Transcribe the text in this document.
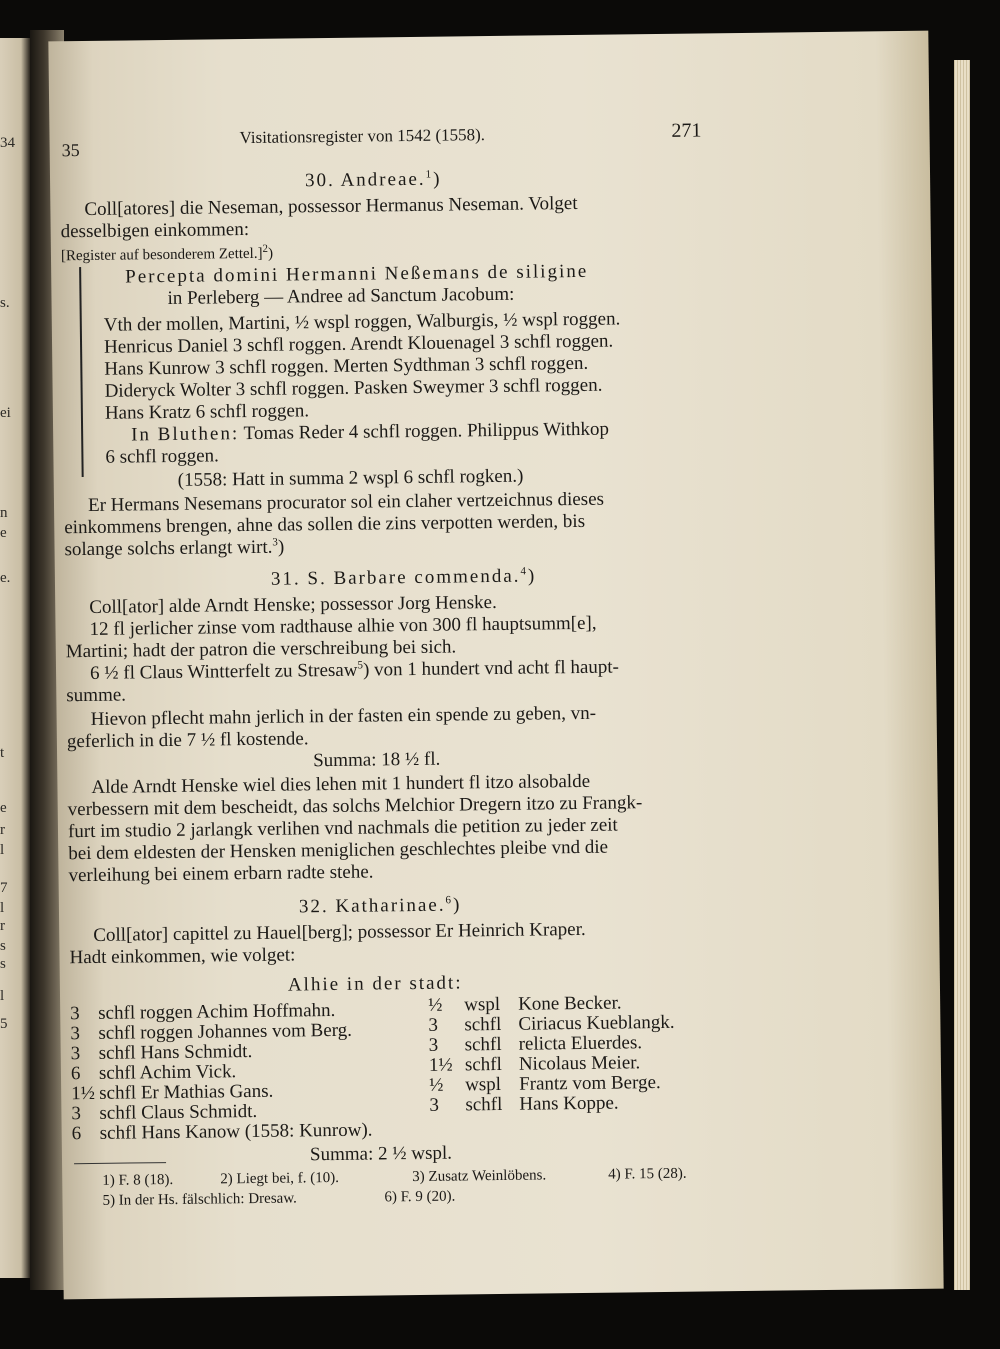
34
s.
ei
n
e
e.
t
e
r
l
7
l
r
s
s
l
5
35
Visitationsregister von 1542 (1558).	271
30. Andreae.$^1$)
Coll[atores] die Neseman, possessor Hermanus Neseman. Volget
desselbigen einkommen:
[Register auf besonderem Zettel.]$^2$)
Percepta domini Hermanni Neßemans de siligine
in Perleberg — Andree ad Sanctum Jacobum:
Vth der mollen, Martini, ½ wspl roggen, Walburgis, ½ wspl roggen.
Henricus Daniel 3 schfl roggen. Arendt Klouenagel 3 schfl roggen.
Hans Kunrow 3 schfl roggen. Merten Sydthman 3 schfl roggen.
Dideryck Wolter 3 schfl roggen. Pasken Sweymer 3 schfl roggen.
Hans Kratz 6 schfl roggen.
In Bluthen: Tomas Reder 4 schfl roggen. Philippus Withkop
6 schfl roggen.
(1558: Hatt in summa 2 wspl 6 schfl rogken.)
Er Hermans Nesemans procurator sol ein claher vertzeichnus dieses
einkommens brengen, ahne das sollen die zins verpotten werden, bis
solange solchs erlangt wirt.$^3$)
31. S. Barbare commenda.$^4$)
Coll[ator] alde Arndt Henske; possessor Jorg Henske.
12 fl jerlicher zinse vom radthause alhie von 300 fl hauptsumm[e],
Martini; hadt der patron die verschreibung bei sich.
6 ½ fl Claus Wintterfelt zu Stresaw$^5$) von 1 hundert vnd acht fl haupt-
summe.
Hievon pflecht mahn jerlich in der fasten ein spende zu geben, vn-
geferlich in die 7 ½ fl kostende.
Summa: 18 ½ fl.
Alde Arndt Henske wiel dies lehen mit 1 hundert fl itzo alsobalde
verbessern mit dem bescheidt, das solchs Melchior Dregern itzo zu Frangk-
furt im studio 2 jarlangk verlihen vnd nachmals die petition zu jeder zeit
bei dem eldesten der Hensken meniglichen geschlechtes pleibe vnd die
verleihung bei einem erbarn radte stehe.
32. Katharinae.$^6$)
Coll[ator] capittel zu Hauel[berg]; possessor Er Heinrich Kraper.
Hadt einkommen, wie volget:
Alhie in der stadt:
Summa: 2 ½ wspl.
1) F. 8 (18).	2) Liegt bei, f. (10).	3) Zusatz Weinlöbens.	4) F. 15 (28).
5) In der Hs. fälschlich: Dresaw.	6) F. 9 (20).
3 schfl roggen Achim Hoffmahn.
3 schfl roggen Johannes vom Berg.
3 schfl Hans Schmidt.
6 schfl Achim Vick.
1½ schfl Er Mathias Gans.
3 schfl Claus Schmidt.
6 schfl Hans Kanow (1558: Kunrow).
½ wspl Kone Becker.
3 schfl Ciriacus Kueblangk.
3 schfl relicta Eluerdes.
1½ schfl Nicolaus Meier.
½ wspl Frantz vom Berge.
3 schfl Hans Koppe.
